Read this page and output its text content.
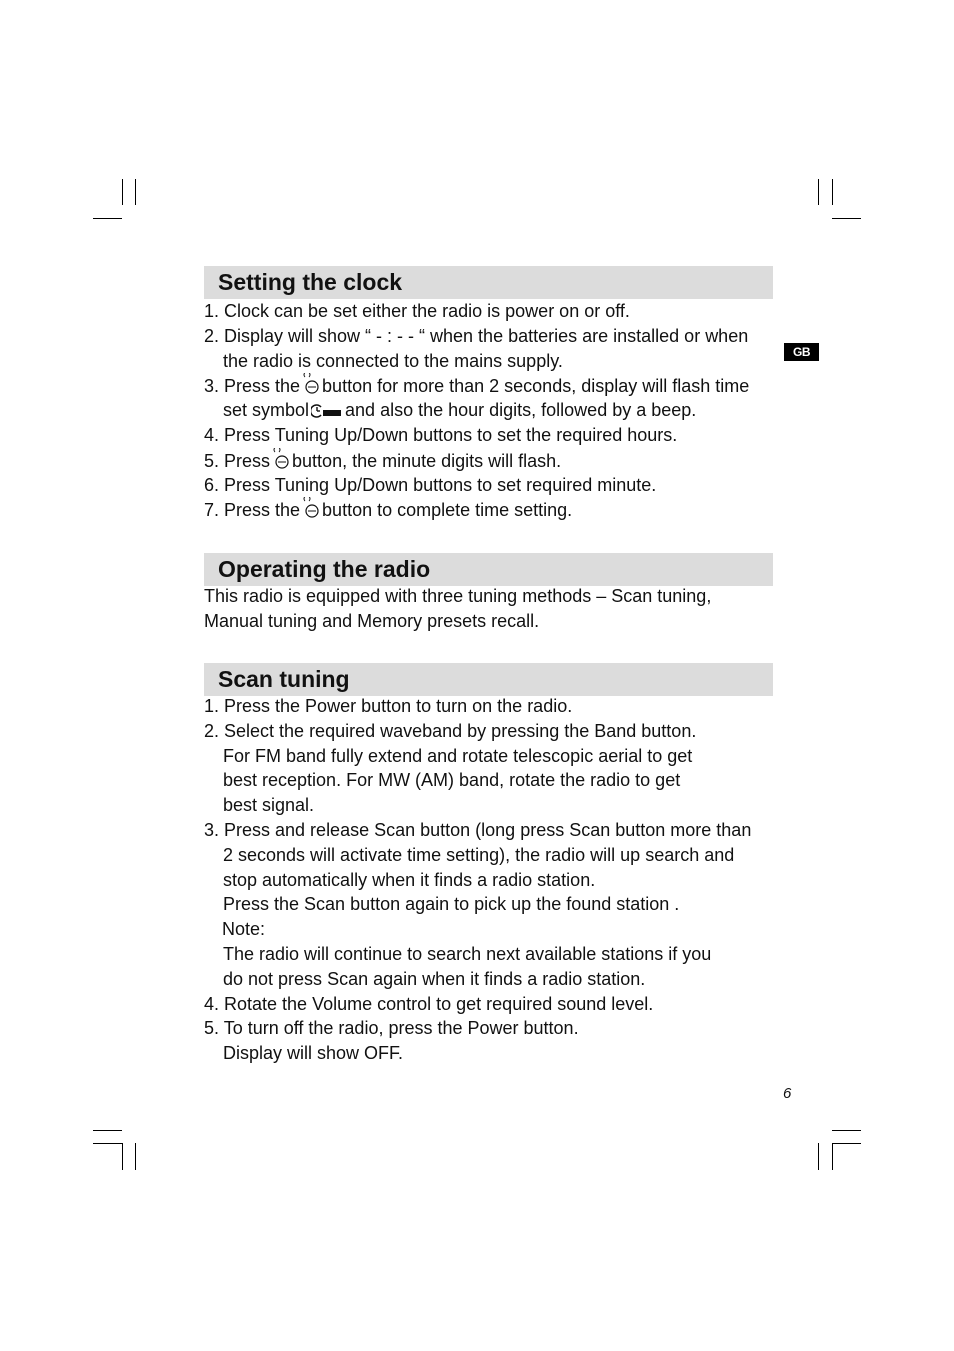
GB
Setting the clock
1. Clock can be set either the radio is power on or off.
2. Display will show “ - : - - “ when the batteries are installed or when
the radio is connected to the mains supply.
3. Press the button for more than 2 seconds, display will flash time
set symbol and also the hour digits, followed by a beep.
4. Press Tuning Up/Down buttons to set the required hours.
5. Press button, the minute digits will flash.
6. Press Tuning Up/Down buttons to set required minute.
7. Press the button to complete time setting.
Operating the radio
This radio is equipped with three tuning methods – Scan tuning,
Manual tuning and Memory presets recall.
Scan tuning
1. Press the Power button to turn on the radio.
2. Select the required waveband by pressing the Band button.
For FM band fully extend and rotate telescopic aerial to get
best reception. For MW (AM) band, rotate the radio to get
best signal.
3. Press and release Scan button (long press Scan button more than
2 seconds will activate time setting), the radio will up search and
stop automatically when it finds a radio station.
Press the Scan button again to pick up the found station .
Note:
The radio will continue to search next available stations if you
do not press Scan again when it finds a radio station.
4. Rotate the Volume control to get required sound level.
5. To turn off the radio, press the Power button.
Display will show OFF.
6
